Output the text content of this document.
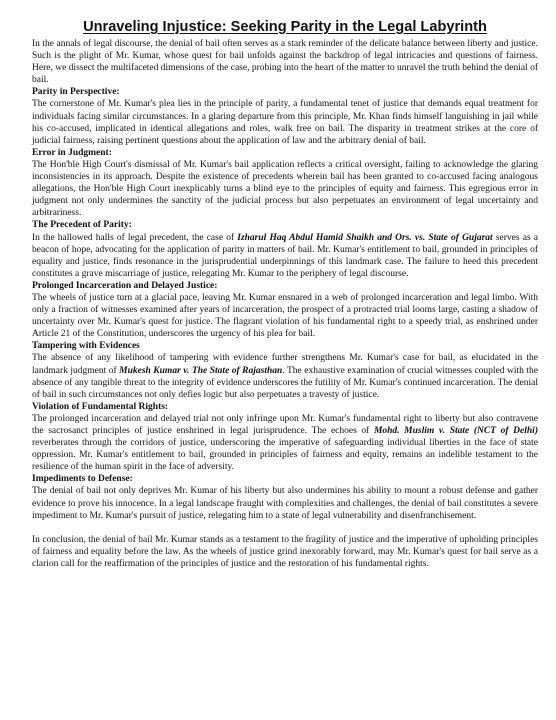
Unraveling Injustice: Seeking Parity in the Legal Labyrinth

In the annals of legal discourse, the denial of bail often serves as a stark reminder of the delicate balance between liberty and justice. Such is the plight of Mr. Kumar, whose quest for bail unfolds against the backdrop of legal intricacies and questions of fairness. Here, we dissect the multifaceted dimensions of the case, probing into the heart of the matter to unravel the truth behind the denial of bail.

Parity in Perspective:

The cornerstone of Mr. Kumar's plea lies in the principle of parity, a fundamental tenet of justice that demands equal treatment for individuals facing similar circumstances. In a glaring departure from this principle, Mr. Khan finds himself languishing in jail while his co-accused, implicated in identical allegations and roles, walk free on bail. The disparity in treatment strikes at the core of judicial fairness, raising pertinent questions about the application of law and the arbitrary denial of bail.

Error in Judgment:

The Hon'ble High Court's dismissal of Mr. Kumar's bail application reflects a critical oversight, failing to acknowledge the glaring inconsistencies in its approach. Despite the existence of precedents wherein bail has been granted to co-accused facing analogous allegations, the Hon'ble High Court inexplicably turns a blind eye to the principles of equity and fairness. This egregious error in judgment not only undermines the sanctity of the judicial process but also perpetuates an environment of legal uncertainty and arbitrariness.

The Precedent of Parity:

In the hallowed halls of legal precedent, the case of Izharul Haq Abdul Hamid Shaikh and Ors. vs. State of Gujarat serves as a beacon of hope, advocating for the application of parity in matters of bail. Mr. Kumar's entitlement to bail, grounded in principles of equality and justice, finds resonance in the jurisprudential underpinnings of this landmark case. The failure to heed this precedent constitutes a grave miscarriage of justice, relegating Mr. Kumar to the periphery of legal discourse.

Prolonged Incarceration and Delayed Justice:

The wheels of justice turn at a glacial pace, leaving Mr. Kumar ensnared in a web of prolonged incarceration and legal limbo. With only a fraction of witnesses examined after years of incarceration, the prospect of a protracted trial looms large, casting a shadow of uncertainty over Mr. Kumar's quest for justice. The flagrant violation of his fundamental right to a speedy trial, as enshrined under Article 21 of the Constitution, underscores the urgency of his plea for bail.

Tampering with Evidences

The absence of any likelihood of tampering with evidence further strengthens Mr. Kumar's case for bail, as elucidated in the landmark judgment of Mukesh Kumar v. The State of Rajasthan. The exhaustive examination of crucial witnesses coupled with the absence of any tangible threat to the integrity of evidence underscores the futility of Mr. Kumar's continued incarceration. The denial of bail in such circumstances not only defies logic but also perpetuates a travesty of justice.

Violation of Fundamental Rights:

The prolonged incarceration and delayed trial not only infringe upon Mr. Kumar's fundamental right to liberty but also contravene the sacrosanct principles of justice enshrined in legal jurisprudence. The echoes of Mohd. Muslim v. State (NCT of Delhi) reverberates through the corridors of justice, underscoring the imperative of safeguarding individual liberties in the face of state oppression. Mr. Kumar's entitlement to bail, grounded in principles of fairness and equity, remains an indelible testament to the resilience of the human spirit in the face of adversity.

Impediments to Defense:

The denial of bail not only deprives Mr. Kumar of his liberty but also undermines his ability to mount a robust defense and gather evidence to prove his innocence. In a legal landscape fraught with complexities and challenges, the denial of bail constitutes a severe impediment to Mr. Kumar's pursuit of justice, relegating him to a state of legal vulnerability and disenfranchisement.

In conclusion, the denial of bail Mr. Kumar stands as a testament to the fragility of justice and the imperative of upholding principles of fairness and equality before the law. As the wheels of justice grind inexorably forward, may Mr. Kumar's quest for bail serve as a clarion call for the reaffirmation of the principles of justice and the restoration of his fundamental rights.
